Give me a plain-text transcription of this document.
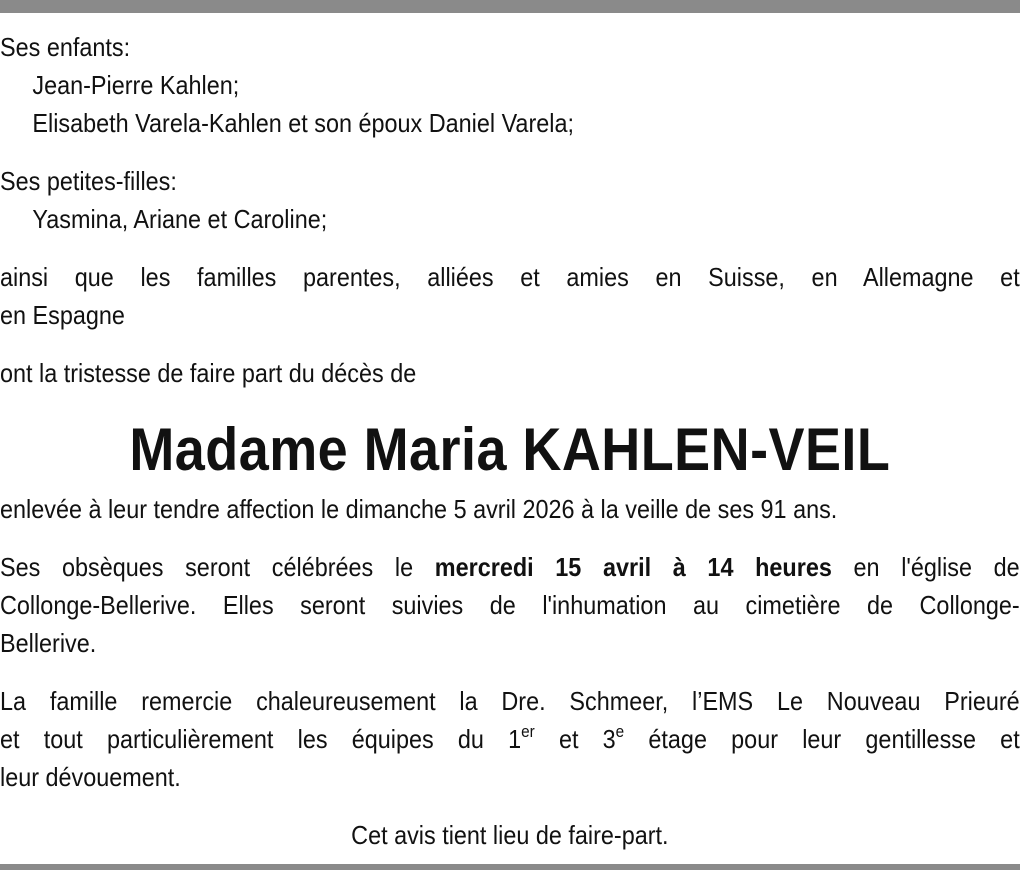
Ses enfants:
Jean-Pierre Kahlen;
Elisabeth Varela-Kahlen et son époux Daniel Varela;
Ses petites-filles:
Yasmina, Ariane et Caroline;
ainsi que les familles parentes, alliées et amies en Suisse, en Allemagne et
en Espagne
ont la tristesse de faire part du décès de
Madame Maria KAHLEN-VEIL
enlevée à leur tendre affection le dimanche 5 avril 2026 à la veille de ses 91 ans.
Ses obsèques seront célébrées le mercredi 15 avril à 14 heures en l'église de
Collonge-Bellerive. Elles seront suivies de l'inhumation au cimetière de Collonge-
Bellerive.
La famille remercie chaleureusement la Dre. Schmeer, l’EMS Le Nouveau Prieuré
et tout particulièrement les équipes du 1er et 3e étage pour leur gentillesse et
leur dévouement.
Cet avis tient lieu de faire-part.
